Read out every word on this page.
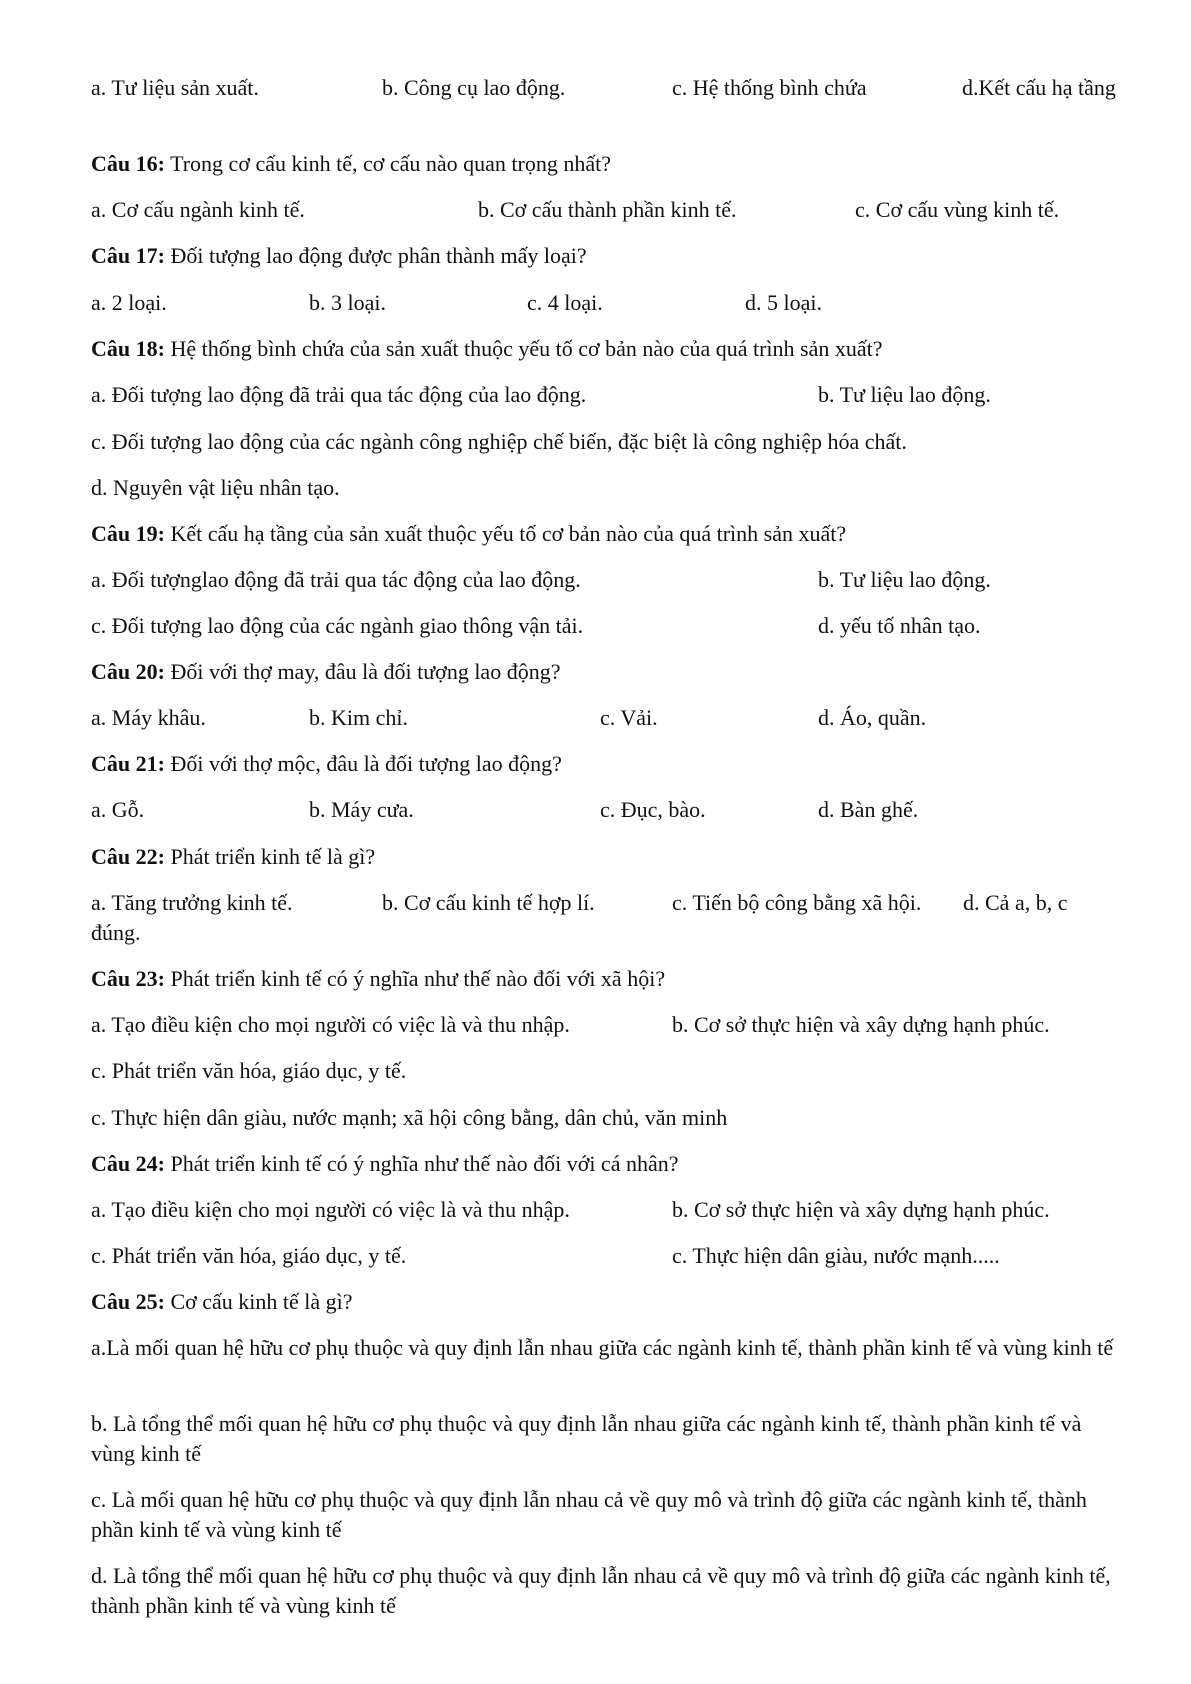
a. Tư liệu sản xuất.	b. Công cụ lao động.	c. Hệ thống bình chứa	d.Kết cấu hạ tầng
Câu 16: Trong cơ cấu kinh tế, cơ cấu nào quan trọng nhất?
a. Cơ cấu ngành kinh tế.	b. Cơ cấu thành phần kinh tế.	c. Cơ cấu vùng kinh tế.
Câu 17: Đối tượng lao động được phân thành mấy loại?
a. 2 loại.	b. 3 loại.	c. 4 loại.	d. 5 loại.
Câu 18: Hệ thống bình chứa của sản xuất thuộc yếu tố cơ bản nào của quá trình sản xuất?
a. Đối tượng lao động đã trải qua tác động của lao động.	b. Tư liệu lao động.
c. Đối tượng lao động của các ngành công nghiệp chế biến, đặc biệt là công nghiệp hóa chất.
d. Nguyên vật liệu nhân tạo.
Câu 19: Kết cấu hạ tầng của sản xuất thuộc yếu tố cơ bản nào của quá trình sản xuất?
a. Đối tượnglao động đã trải qua tác động của lao động.	b. Tư liệu lao động.
c. Đối tượng lao động của các ngành giao thông vận tải.	d. yếu tố nhân tạo.
Câu 20: Đối với thợ may, đâu là đối tượng lao động?
a. Máy khâu.	b. Kim chỉ.	c. Vải.	d. Áo, quần.
Câu 21: Đối với thợ mộc, đâu là đối tượng lao động?
a. Gỗ.	b. Máy cưa.	c. Đục, bào.	d. Bàn ghế.
Câu 22: Phát triển kinh tế là gì?
a. Tăng trưởng kinh tế.	b. Cơ cấu kinh tế hợp lí.	c. Tiến bộ công bằng xã hội.	d. Cả a, b, c đúng.
Câu 23: Phát triển kinh tế có ý nghĩa như thế nào đối với xã hội?
a. Tạo điều kiện cho mọi người có việc là và thu nhập.	b. Cơ sở thực hiện và xây dựng hạnh phúc.
c. Phát triển văn hóa, giáo dục, y tế.
c. Thực hiện dân giàu, nước mạnh; xã hội công bằng, dân chủ, văn minh
Câu 24: Phát triển kinh tế có ý nghĩa như thế nào đối với cá nhân?
a. Tạo điều kiện cho mọi người có việc là và thu nhập.	b. Cơ sở thực hiện và xây dựng hạnh phúc.
c. Phát triển văn hóa, giáo dục, y tế.	c. Thực hiện dân giàu, nước mạnh.....
Câu 25: Cơ cấu kinh tế là gì?
a.Là mối quan hệ hữu cơ phụ thuộc và quy định lẫn nhau giữa các ngành kinh tế, thành phần kinh tế và vùng kinh tế
b. Là tổng thể mối quan hệ hữu cơ phụ thuộc và quy định lẫn nhau giữa các ngành kinh tế, thành phần kinh tế và vùng kinh tế
c. Là mối quan hệ hữu cơ phụ thuộc và quy định lẫn nhau cả về quy mô và trình độ giữa các ngành kinh tế, thành phần kinh tế và vùng kinh tế
d. Là tổng thể mối quan hệ hữu cơ phụ thuộc và quy định lẫn nhau cả về quy mô và trình độ giữa các ngành kinh tế, thành phần kinh tế và vùng kinh tế
